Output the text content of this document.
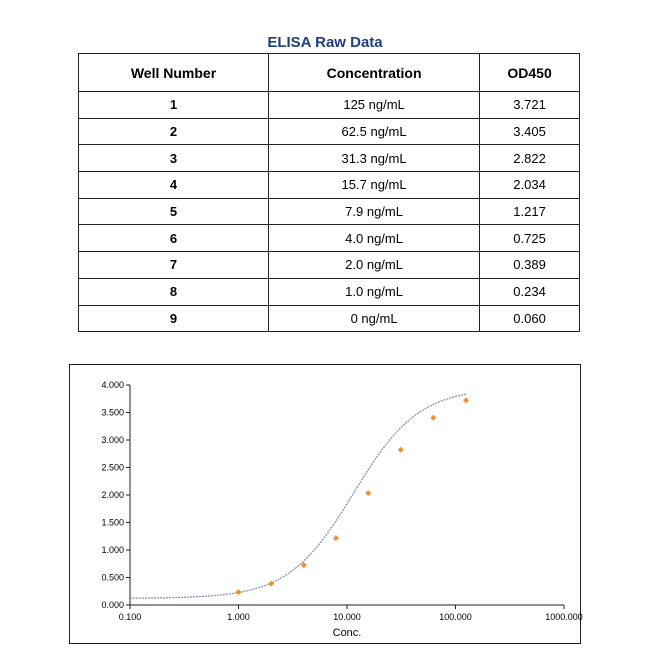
ELISA Raw Data
Well Number	Concentration	OD450
1	125 ng/mL	3.721
2	62.5 ng/mL	3.405
3	31.3 ng/mL	2.822
4	15.7 ng/mL	2.034
5	7.9 ng/mL	1.217
6	4.0 ng/mL	0.725
7	2.0 ng/mL	0.389
8	1.0 ng/mL	0.234
9	0 ng/mL	0.060
0.000
0.500
1.000
1.500
2.000
2.500
3.000
3.500
4.000
0.100	1.000	10.000	100.000	1000.000
Conc.
